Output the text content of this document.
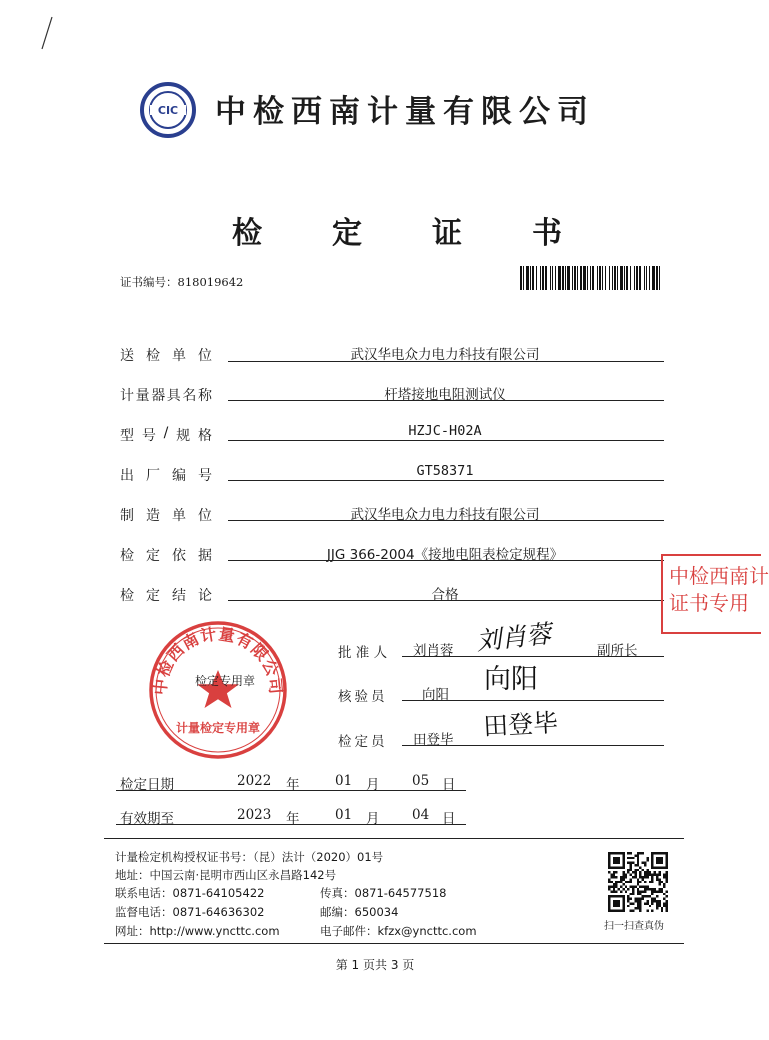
CIC 中检西南计量有限公司
检 定 证 书
证书编号：818019642
送 检 单 位	武汉华电众力电力科技有限公司
计 量 器 具 名 称	杆塔接地电阻测试仪
型 号 / 规 格	HZJC-H02A
出 厂 编 号	GT58371
制 造 单 位	武汉华电众力电力科技有限公司
检 定 依 据	JJG 366-2004《接地电阻表检定规程》
检 定 结 论	合格
中检西南计
证书专用
中检西南计量有限公司
计量检定专用章
检定专用章
批 准 人 刘肖蓉 刘肖蓉	副所长
核验员	向阳 向阳
检定员 田登毕 田登毕
检定日期	2022 年	01 月 05 日
有效期至	2023 年	01 月 04 日
计量检定机构授权证书号：（昆）法计（2020）01号
地址：中国云南·昆明市西山区永昌路142号
联系电话：0871-64105422	传真：0871-64577518
监督电话：0871-64636302	邮编：650034
网址：http://www.yncttc.com	电子邮件：kfzx@yncttc.com	扫一扫查真伪
第 1 页共 3 页
